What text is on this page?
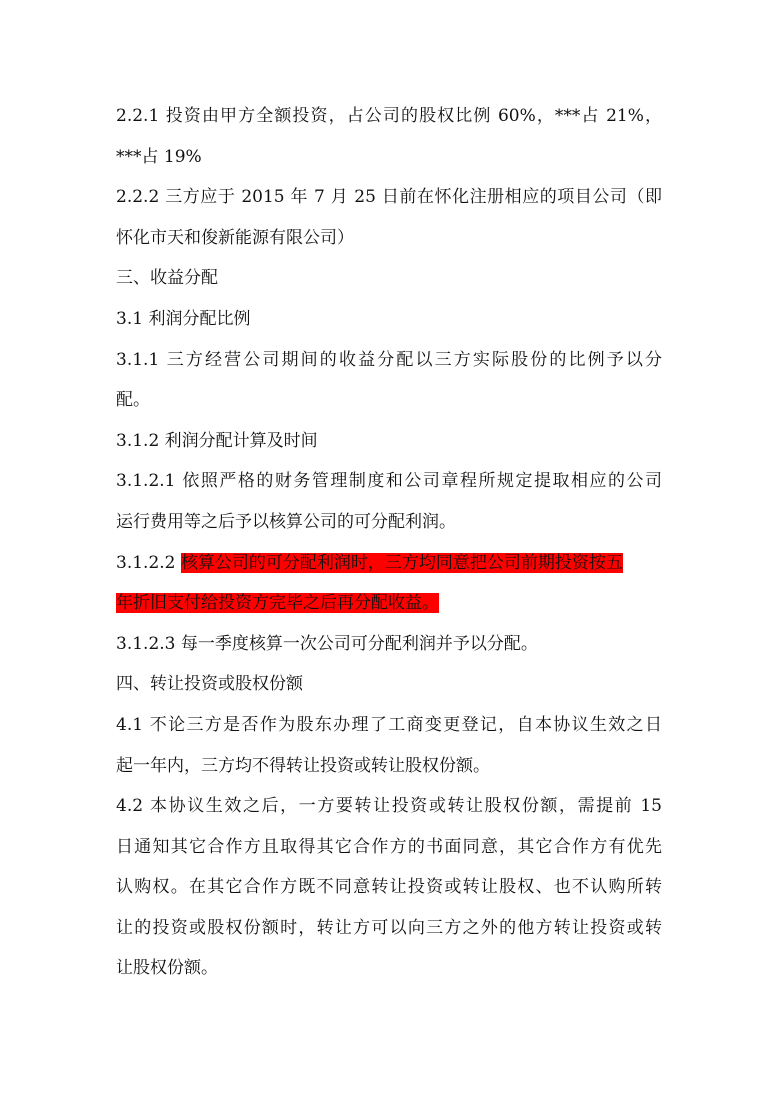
2.2.1 投资由甲方全额投资，占公司的股权比例 60%，***占 21%，
***占 19%
2.2.2 三方应于 2015 年 7 月 25 日前在怀化注册相应的项目公司（即
怀化市天和俊新能源有限公司）
三、收益分配
3.1 利润分配比例
3.1.1 三方经营公司期间的收益分配以三方实际股份的比例予以分
配。
3.1.2 利润分配计算及时间
3.1.2.1 依照严格的财务管理制度和公司章程所规定提取相应的公司
运行费用等之后予以核算公司的可分配利润。
3.1.2.2 核算公司的可分配利润时，三方均同意把公司前期投资按五
年折旧支付给投资方完毕之后再分配收益。
3.1.2.3 每一季度核算一次公司可分配利润并予以分配。
四、转让投资或股权份额
4.1 不论三方是否作为股东办理了工商变更登记，自本协议生效之日
起一年内，三方均不得转让投资或转让股权份额。
4.2 本协议生效之后，一方要转让投资或转让股权份额，需提前 15
日通知其它合作方且取得其它合作方的书面同意，其它合作方有优先
认购权。在其它合作方既不同意转让投资或转让股权、也不认购所转
让的投资或股权份额时，转让方可以向三方之外的他方转让投资或转
让股权份额。
